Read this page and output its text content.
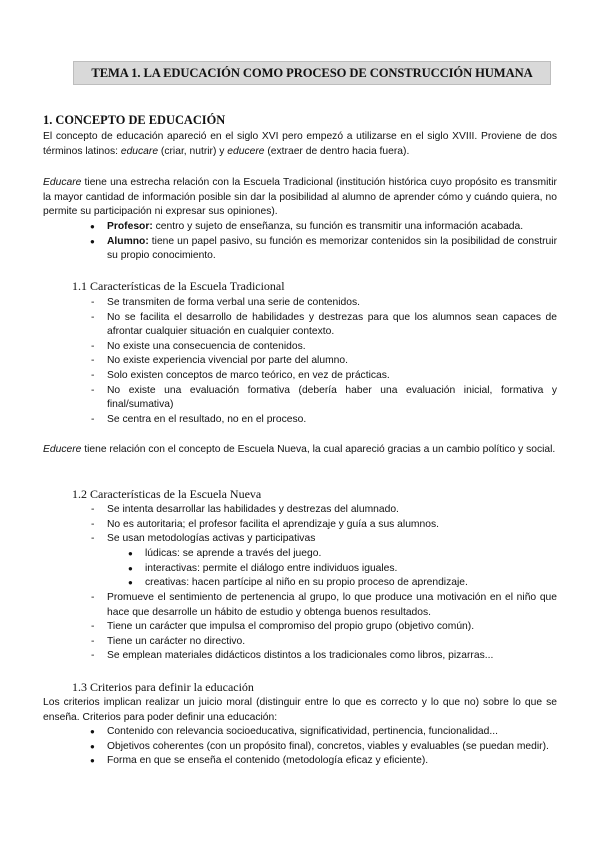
TEMA 1. LA EDUCACIÓN COMO PROCESO DE CONSTRUCCIÓN HUMANA
1. CONCEPTO DE EDUCACIÓN
El concepto de educación apareció en el siglo XVI pero empezó a utilizarse en el siglo XVIII. Proviene de dos términos latinos: educare (criar, nutrir) y educere (extraer de dentro hacia fuera).
Educare tiene una estrecha relación con la Escuela Tradicional (institución histórica cuyo propósito es transmitir la mayor cantidad de información posible sin dar la posibilidad al alumno de aprender cómo y cuándo quiera, no permite su participación ni expresar sus opiniones).
● Profesor: centro y sujeto de enseñanza, su función es transmitir una información acabada.
● Alumno: tiene un papel pasivo, su función es memorizar contenidos sin la posibilidad de construir su propio conocimiento.
1.1 Características de la Escuela Tradicional
- Se transmiten de forma verbal una serie de contenidos.
- No se facilita el desarrollo de habilidades y destrezas para que los alumnos sean capaces de afrontar cualquier situación en cualquier contexto.
- No existe una consecuencia de contenidos.
- No existe experiencia vivencial por parte del alumno.
- Solo existen conceptos de marco teórico, en vez de prácticas.
- No existe una evaluación formativa (debería haber una evaluación inicial, formativa y final/sumativa)
- Se centra en el resultado, no en el proceso.
Educere tiene relación con el concepto de Escuela Nueva, la cual apareció gracias a un cambio político y social.
1.2 Características de la Escuela Nueva
- Se intenta desarrollar las habilidades y destrezas del alumnado.
- No es autoritaria; el profesor facilita el aprendizaje y guía a sus alumnos.
- Se usan metodologías activas y participativas
● lúdicas: se aprende a través del juego.
● interactivas: permite el diálogo entre individuos iguales.
● creativas: hacen partícipe al niño en su propio proceso de aprendizaje.
- Promueve el sentimiento de pertenencia al grupo, lo que produce una motivación en el niño que hace que desarrolle un hábito de estudio y obtenga buenos resultados.
- Tiene un carácter que impulsa el compromiso del propio grupo (objetivo común).
- Tiene un carácter no directivo.
- Se emplean materiales didácticos distintos a los tradicionales como libros, pizarras...
1.3 Criterios para definir la educación
Los criterios implican realizar un juicio moral (distinguir entre lo que es correcto y lo que no) sobre lo que se enseña. Criterios para poder definir una educación:
● Contenido con relevancia socioeducativa, significatividad, pertinencia, funcionalidad...
● Objetivos coherentes (con un propósito final), concretos, viables y evaluables (se puedan medir).
● Forma en que se enseña el contenido (metodología eficaz y eficiente).
